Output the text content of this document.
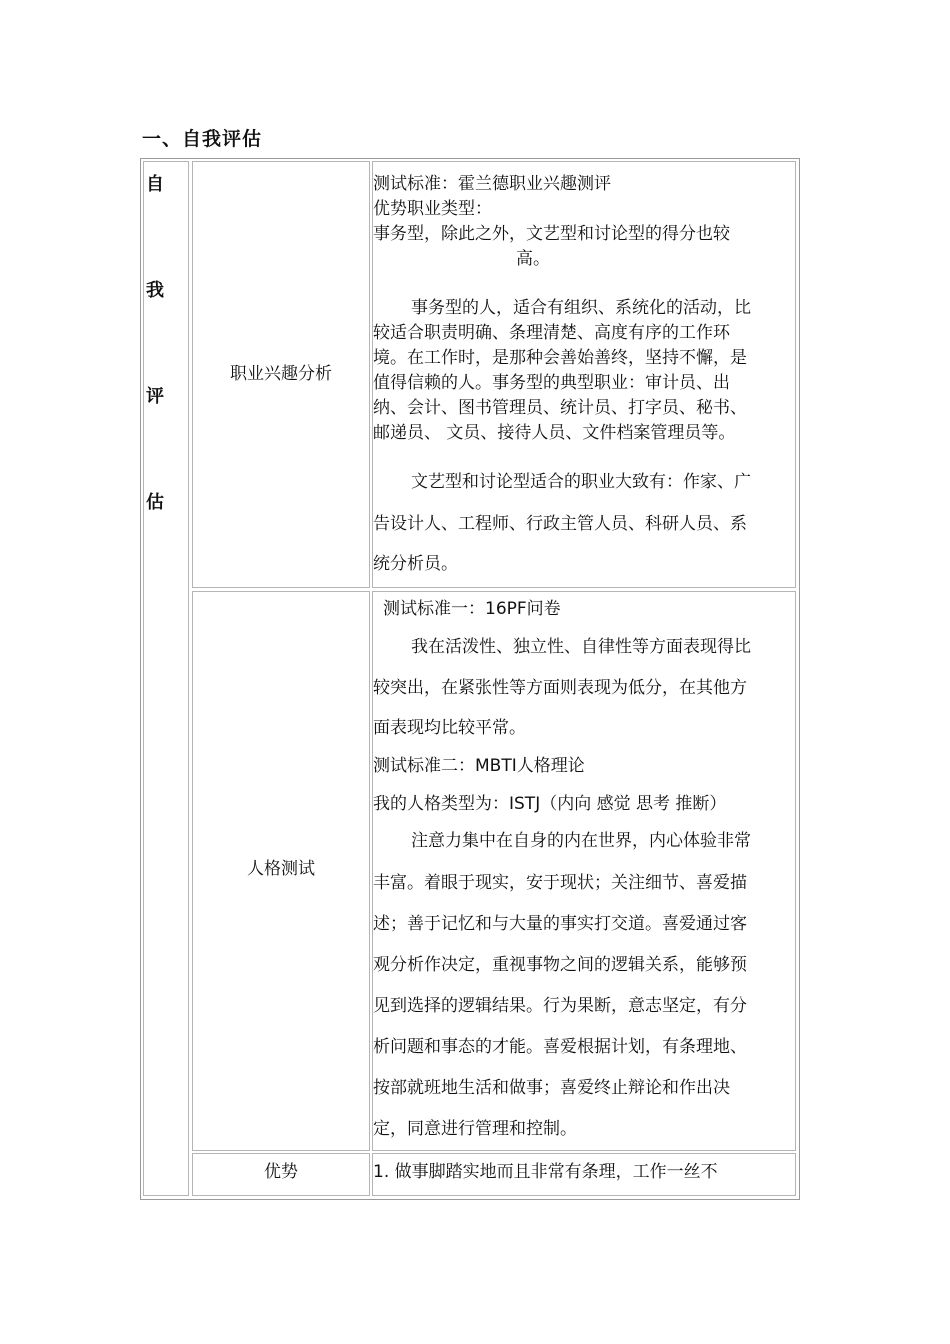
一、自我评估
自
我
评
估
职业兴趣分析
测试标准：霍兰德职业兴趣测评
优势职业类型：
事务型，除此之外，文艺型和讨论型的得分也较
高。
事务型的人，适合有组织、系统化的活动，比
较适合职责明确、条理清楚、高度有序的工作环
境。在工作时，是那种会善始善终，坚持不懈，是
值得信赖的人。事务型的典型职业：审计员、出
纳、会计、图书管理员、统计员、打字员、秘书、
邮递员、 文员、接待人员、文件档案管理员等。
文艺型和讨论型适合的职业大致有：作家、广
告设计人、工程师、行政主管人员、科研人员、系
统分析员。
人格测试
测试标准一：16PF问卷
我在活泼性、独立性、自律性等方面表现得比
较突出，在紧张性等方面则表现为低分，在其他方
面表现均比较平常。
测试标准二：MBTI人格理论
我的人格类型为：ISTJ（内向 感觉 思考 推断）
注意力集中在自身的内在世界，内心体验非常
丰富。着眼于现实，安于现状；关注细节、喜爱描
述；善于记忆和与大量的事实打交道。喜爱通过客
观分析作决定，重视事物之间的逻辑关系，能够预
见到选择的逻辑结果。行为果断，意志坚定，有分
析问题和事态的才能。喜爱根据计划，有条理地、
按部就班地生活和做事；喜爱终止辩论和作出决
定，同意进行管理和控制。
优势	1. 做事脚踏实地而且非常有条理，工作一丝不
